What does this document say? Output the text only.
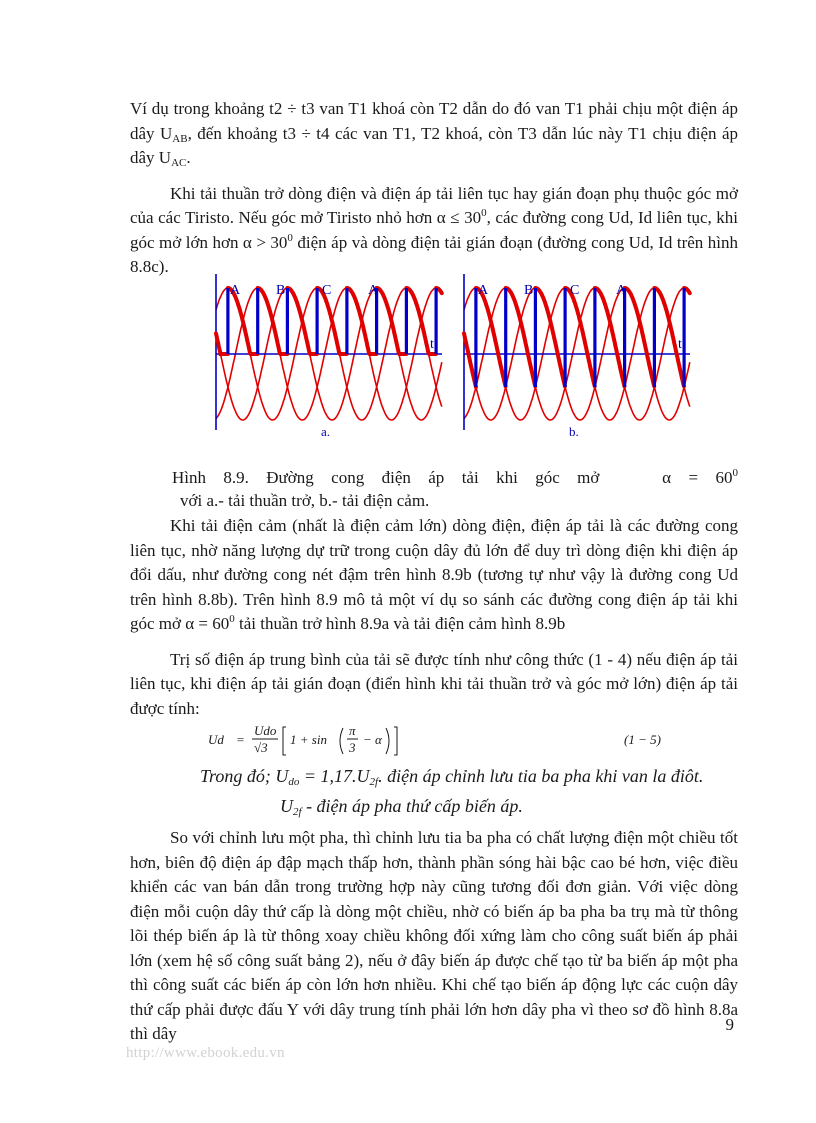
Ví dụ trong khoảng t2 ÷ t3 van T1 khoá còn T2 dẫn do đó van T1 phải chịu một điện áp dây $U_{AB}$, đến khoảng t3 ÷ t4 các van T1, T2 khoá, còn T3 dẫn lúc này T1 chịu điện áp dây $U_{AC}$.

Khi tải thuần trở dòng điện và điện áp tải liên tục hay gián đoạn phụ thuộc góc mở của các Tiristo. Nếu góc mở Tiristo nhỏ hơn $\alpha \le 30^0$, các đường cong Ud, Id liên tục, khi góc mở lớn hơn $\alpha > 30^0$ điện áp và dòng điện tải gián đoạn (đường cong Ud, Id trên hình 8.8c).

A	B	C	A
t
a.
A	B	C	A
t
b.
Hình 8.9. Đường cong điện áp tải khi góc mở	$\alpha = 60^0$
với a.- tải thuần trở, b.- tải điện cảm.

Khi tải điện cảm (nhất là điện cảm lớn) dòng điện, điện áp tải là các đường cong liên tục, nhờ năng lượng dự trữ trong cuộn dây đủ lớn để duy trì dòng điện khi điện áp đổi dấu, như đường cong nét đậm trên hình 8.9b (tương tự như vậy là đường cong Ud trên hình 8.8b). Trên hình 8.9 mô tả một ví dụ so sánh các đường cong điện áp tải khi góc mở $\alpha = 60^0$ tải thuần trở hình 8.9a và tải điện cảm hình 8.9b

Trị số điện áp trung bình của tải sẽ được tính như công thức (1 - 4) nếu điện áp tải liên tục, khi điện áp tải gián đoạn (điển hình khi tải thuần trở và góc mở lớn) điện áp tải được tính:

Ud =
Udo
√3
1 + sin
π
3
− α	(1 − 5)
Trong đó; $U_{do} = 1,17.U_{2f}$. điện áp chỉnh lưu tia ba pha khi van la điôt.
$U_{2f}$ - điện áp pha thứ cấp biến áp.

So với chỉnh lưu một pha, thì chỉnh lưu tia ba pha có chất lượng điện một chiều tốt hơn, biên độ điện áp đập mạch thấp hơn, thành phần sóng hài bậc cao bé hơn, việc điều khiển các van bán dẫn trong trường hợp này cũng tương đối đơn giản. Với việc dòng điện mỗi cuộn dây thứ cấp là dòng một chiều, nhờ có biến áp ba pha ba trụ mà từ thông lõi thép biến áp là từ thông xoay chiều không đối xứng làm cho công suất biến áp phải lớn (xem hệ số công suất bảng 2), nếu ở đây biến áp được chế tạo từ ba biến áp một pha thì công suất các biến áp còn lớn hơn nhiều. Khi chế tạo biến áp động lực các cuộn dây thứ cấp phải được đấu Y với dây trung tính phải lớn hơn dây pha vì theo sơ đồ hình 8.8a thì dây	9
http://www.ebook.edu.vn
